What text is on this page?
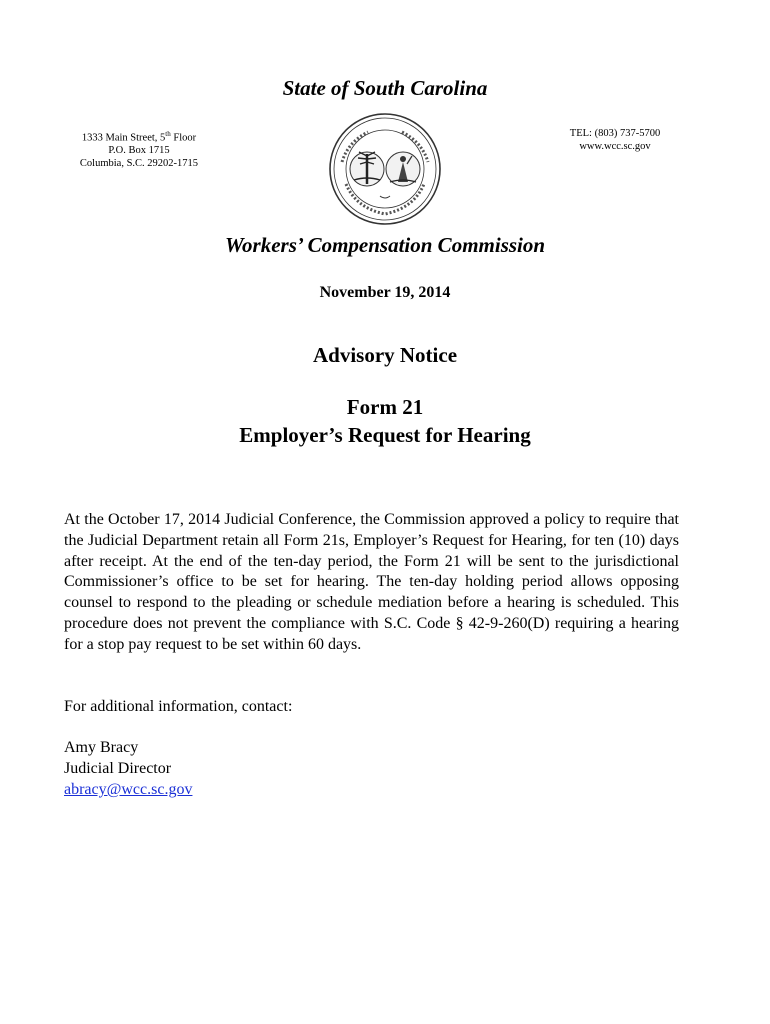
State of South Carolina
1333 Main Street, 5th Floor
P.O. Box 1715
Columbia, S.C. 29202-1715
TEL: (803) 737-5700
www.wcc.sc.gov
Workers’ Compensation Commission
November 19, 2014
Advisory Notice
Form 21
Employer’s Request for Hearing
At the October 17, 2014 Judicial Conference, the Commission approved a policy to require that the Judicial Department retain all Form 21s, Employer’s Request for Hearing, for ten (10) days after receipt. At the end of the ten-day period, the Form 21 will be sent to the jurisdictional Commissioner’s office to be set for hearing. The ten-day holding period allows opposing counsel to respond to the pleading or schedule mediation before a hearing is scheduled. This procedure does not prevent the compliance with S.C. Code § 42-9-260(D) requiring a hearing for a stop pay request to be set within 60 days.
For additional information, contact:
Amy Bracy
Judicial Director
abracy@wcc.sc.gov
